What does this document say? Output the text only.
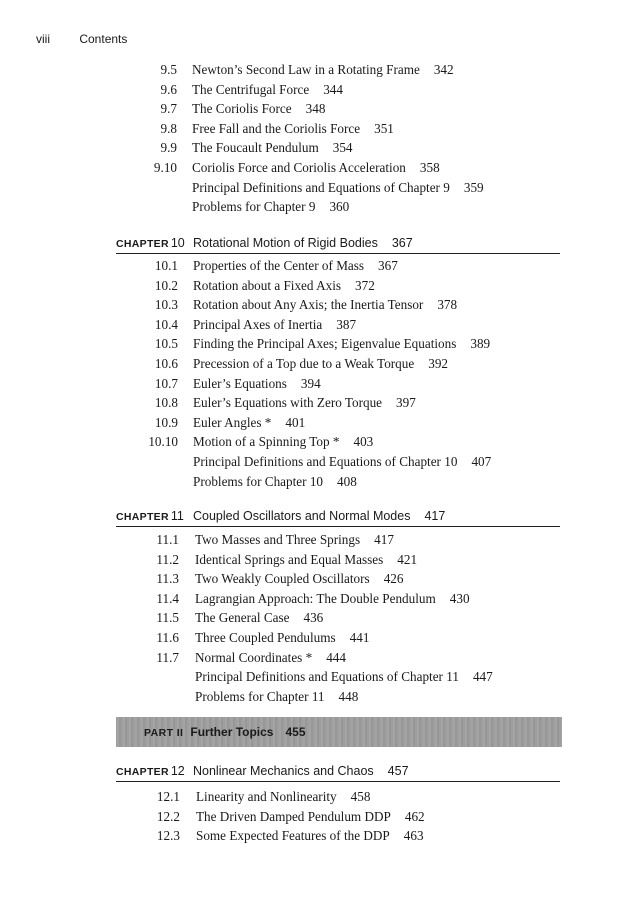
viii Contents
9.5 Newton’s Second Law in a Rotating Frame 342
9.6 The Centrifugal Force 344
9.7 The Coriolis Force 348
9.8 Free Fall and the Coriolis Force 351
9.9 The Foucault Pendulum 354
9.10 Coriolis Force and Coriolis Acceleration 358
Principal Definitions and Equations of Chapter 9 359
Problems for Chapter 9 360
10.1 Properties of the Center of Mass 367
10.2 Rotation about a Fixed Axis 372
10.3 Rotation about Any Axis; the Inertia Tensor 378
10.4 Principal Axes of Inertia 387
10.5 Finding the Principal Axes; Eigenvalue Equations 389
10.6 Precession of a Top due to a Weak Torque 392
10.7 Euler’s Equations 394
10.8 Euler’s Equations with Zero Torque 397
10.9 Euler Angles * 401
10.10 Motion of a Spinning Top * 403
Principal Definitions and Equations of Chapter 10 407
Problems for Chapter 10 408
11.1 Two Masses and Three Springs 417
11.2 Identical Springs and Equal Masses 421
11.3 Two Weakly Coupled Oscillators 426
11.4 Lagrangian Approach: The Double Pendulum 430
11.5 The General Case 436
11.6 Three Coupled Pendulums 441
11.7 Normal Coordinates * 444
Principal Definitions and Equations of Chapter 11 447
Problems for Chapter 11 448
12.1 Linearity and Nonlinearity 458
12.2 The Driven Damped Pendulum DDP 462
12.3 Some Expected Features of the DDP 463
CHAPTER 10 Rotational Motion of Rigid Bodies 367
CHAPTER 11 Coupled Oscillators and Normal Modes 417
PART II Further Topics 455
CHAPTER 12 Nonlinear Mechanics and Chaos 457
